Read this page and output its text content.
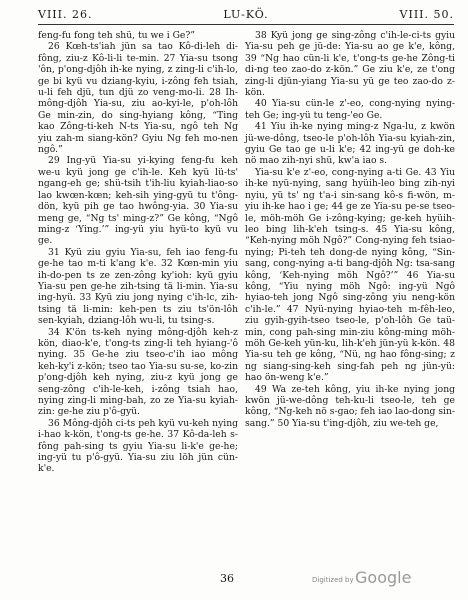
VIII. 26.	LU-KÖ.	VIII. 50.

feng-fu fong teh shü, tu we i Ge?”

26 Kœh-ts'iah jün sa tao Kô-di-leh di-fông, ziu-z Kô-li-li te-min. 27 Yia-su tsong 'ôn, p'ong-djôh ih-ke nying, z zing-li c'ih-lo, ge bi kyü vu dziang-kyiu, i-zông feh tsiah, u-li feh djü, tun djü zo veng-mo-li. 28 Ih-mông-djôh Yia-su, ziu ao-kyi-le, p'oh-lôh Ge min-zin, do sing-hyiang kông, “Ting kao Zông-ti-keh N-ts Yia-su, ngô teh Ng yiu zah-m siang-kön? Gyiu Ng feh mo-nen ngô.”

29 Ing-yü Yia-su yi-kying feng-fu keh we-u kyü jong ge c'ih-le. Keh kyü lü-ts' ngang-eh ge; shü-tsih t'ih-liu kyiah-liao-so lao kwœn-kœn; keh-sih ying-gyü tu t'ông-dön, kyü pih ge tao hwông-yia. 30 Yia-su meng ge, “Ng ts' ming-z?” Ge kông, “Ngô ming-z ‘Ying.’” ing-yü yiu hyü-to kyü vu ge.

31 Kyü ziu gyiu Yia-su, feh iao feng-fu ge-he tao m-ti k'ang k'e. 32 Kœn-min yiu ih-do-pen ts ze zen-zông ky'ioh: kyü gyiu Yia-su pen ge-he zih-tsing tä li-min. Yia-su ing-hyü. 33 Kyü ziu jong nying c'ih-lc, zih-tsing tä li-min: keh-pen ts ziu ts'ön-lôh sen-kyiah, dziang-lôh wu-li, tu tsing-s.

34 K'ön ts-keh nying mông-djôh keh-z kön, diao-k'e, t'ong-ts zing-li teh hyiang-'ô nying. 35 Ge-he ziu tseo-c'ih iao mông keh-ky'i z-kön; tseo tao Yia-su su-se, ko-zin p'ong-djôh keh nying, ziu-z kyü jong ge seng-zông c'ih-le-keh, i-zông tsiah hao, nying zing-li ming-bah, zo ze Yia-su kyiah-zin: ge-he ziu p'ô-gyü.

36 Mông-djôh ci-ts peh kyü vu-keh nying i-hao k-kön, t'ong-ts ge-he. 37 Kô-da-leh s-fông pah-sing ts gyiu Yia-su li-k'e ge-he; ing-yü tu p'ô-gyü. Yia-su ziu löh jün cün-k'e.

38 Kyü jong ge sing-zông c'ih-le-ci-ts gyiu Yia-su peh ge jü-de: Yia-su ao ge k'e, kông, 39 “Ng hao cün-li k'e, t'ong-ts ge-he Zông-ti di-ng teo zao-do z-kön.” Ge ziu k'e, ze t'ong zing-li djün-yiang Yia-su yü ge teo zao-do z-kön.

40 Yia-su cün-le z'-eo, cong-nying nying-teh Ge; ing-yü tu teng-'eo Ge.

41 Yiu ih-ke nying ming-z Nga-lu, z kwön jü-we-dông, tseo-le p'oh-lôh Yia-su kyiah-zin, gyiu Ge tao ge u-li k'e; 42 ing-yü ge doh-ke nö mao zih-nyi shü, kw'a iao s.

Yia-su k'e z'-eo, cong-nying a-ti Ge. 43 Yiu ih-ke nyü-nying, sang hyüih-leo bing zih-nyi nyiu, yü ts' ng t'a-i sin-sang kô-s fi-wön, m-yiu ih-ke hao i ge; 44 ge ze Yia-su pe-se tseo-le, möh-möh Ge i-zông-kying; ge-keh hyüih-leo bing lih-k'eh tsing-s. 45 Yia-su kông, “Keh-nying möh Ngô?” Cong-nying feh tsiao-nying; Pi-teh teh dong-de nying kông, “Sin-sang, cong-nying a-ti bang-djôh Ng: tsa-sang kông, ‘Keh-nying möh Ngô?’” 46 Yia-su kông, “Yiu nying möh Ngô: ing-yü Ngô hyiao-teh jong Ngô sing-zông yiu neng-kön c'ih-le.” 47 Nyü-nying hyiao-teh m-fêh-leo, ziu gyih-gyih-tseo tseo-le, p'oh-lôh Ge taü-min, cong pah-sing min-ziu kông-ming möh-möh Ge-keh yün-ku, lih-k'eh jün-yü k-kön. 48 Yia-su teh ge kông, “Nü, ng hao fông-sing; z ng siang-sing-keh sing-fah peh ng jün-yü: hao ön-weng k'e.”

49 Wa ze-teh kông, yiu ih-ke nying jong kwön jü-we-dông teh-ku-li tseo-le, teh ge kông, “Ng-keh nö s-gao; feh iao lao-dong sin-sang.” 50 Yia-su t'ing-djôh, ziu we-teh ge,

36	Digitized by Google
